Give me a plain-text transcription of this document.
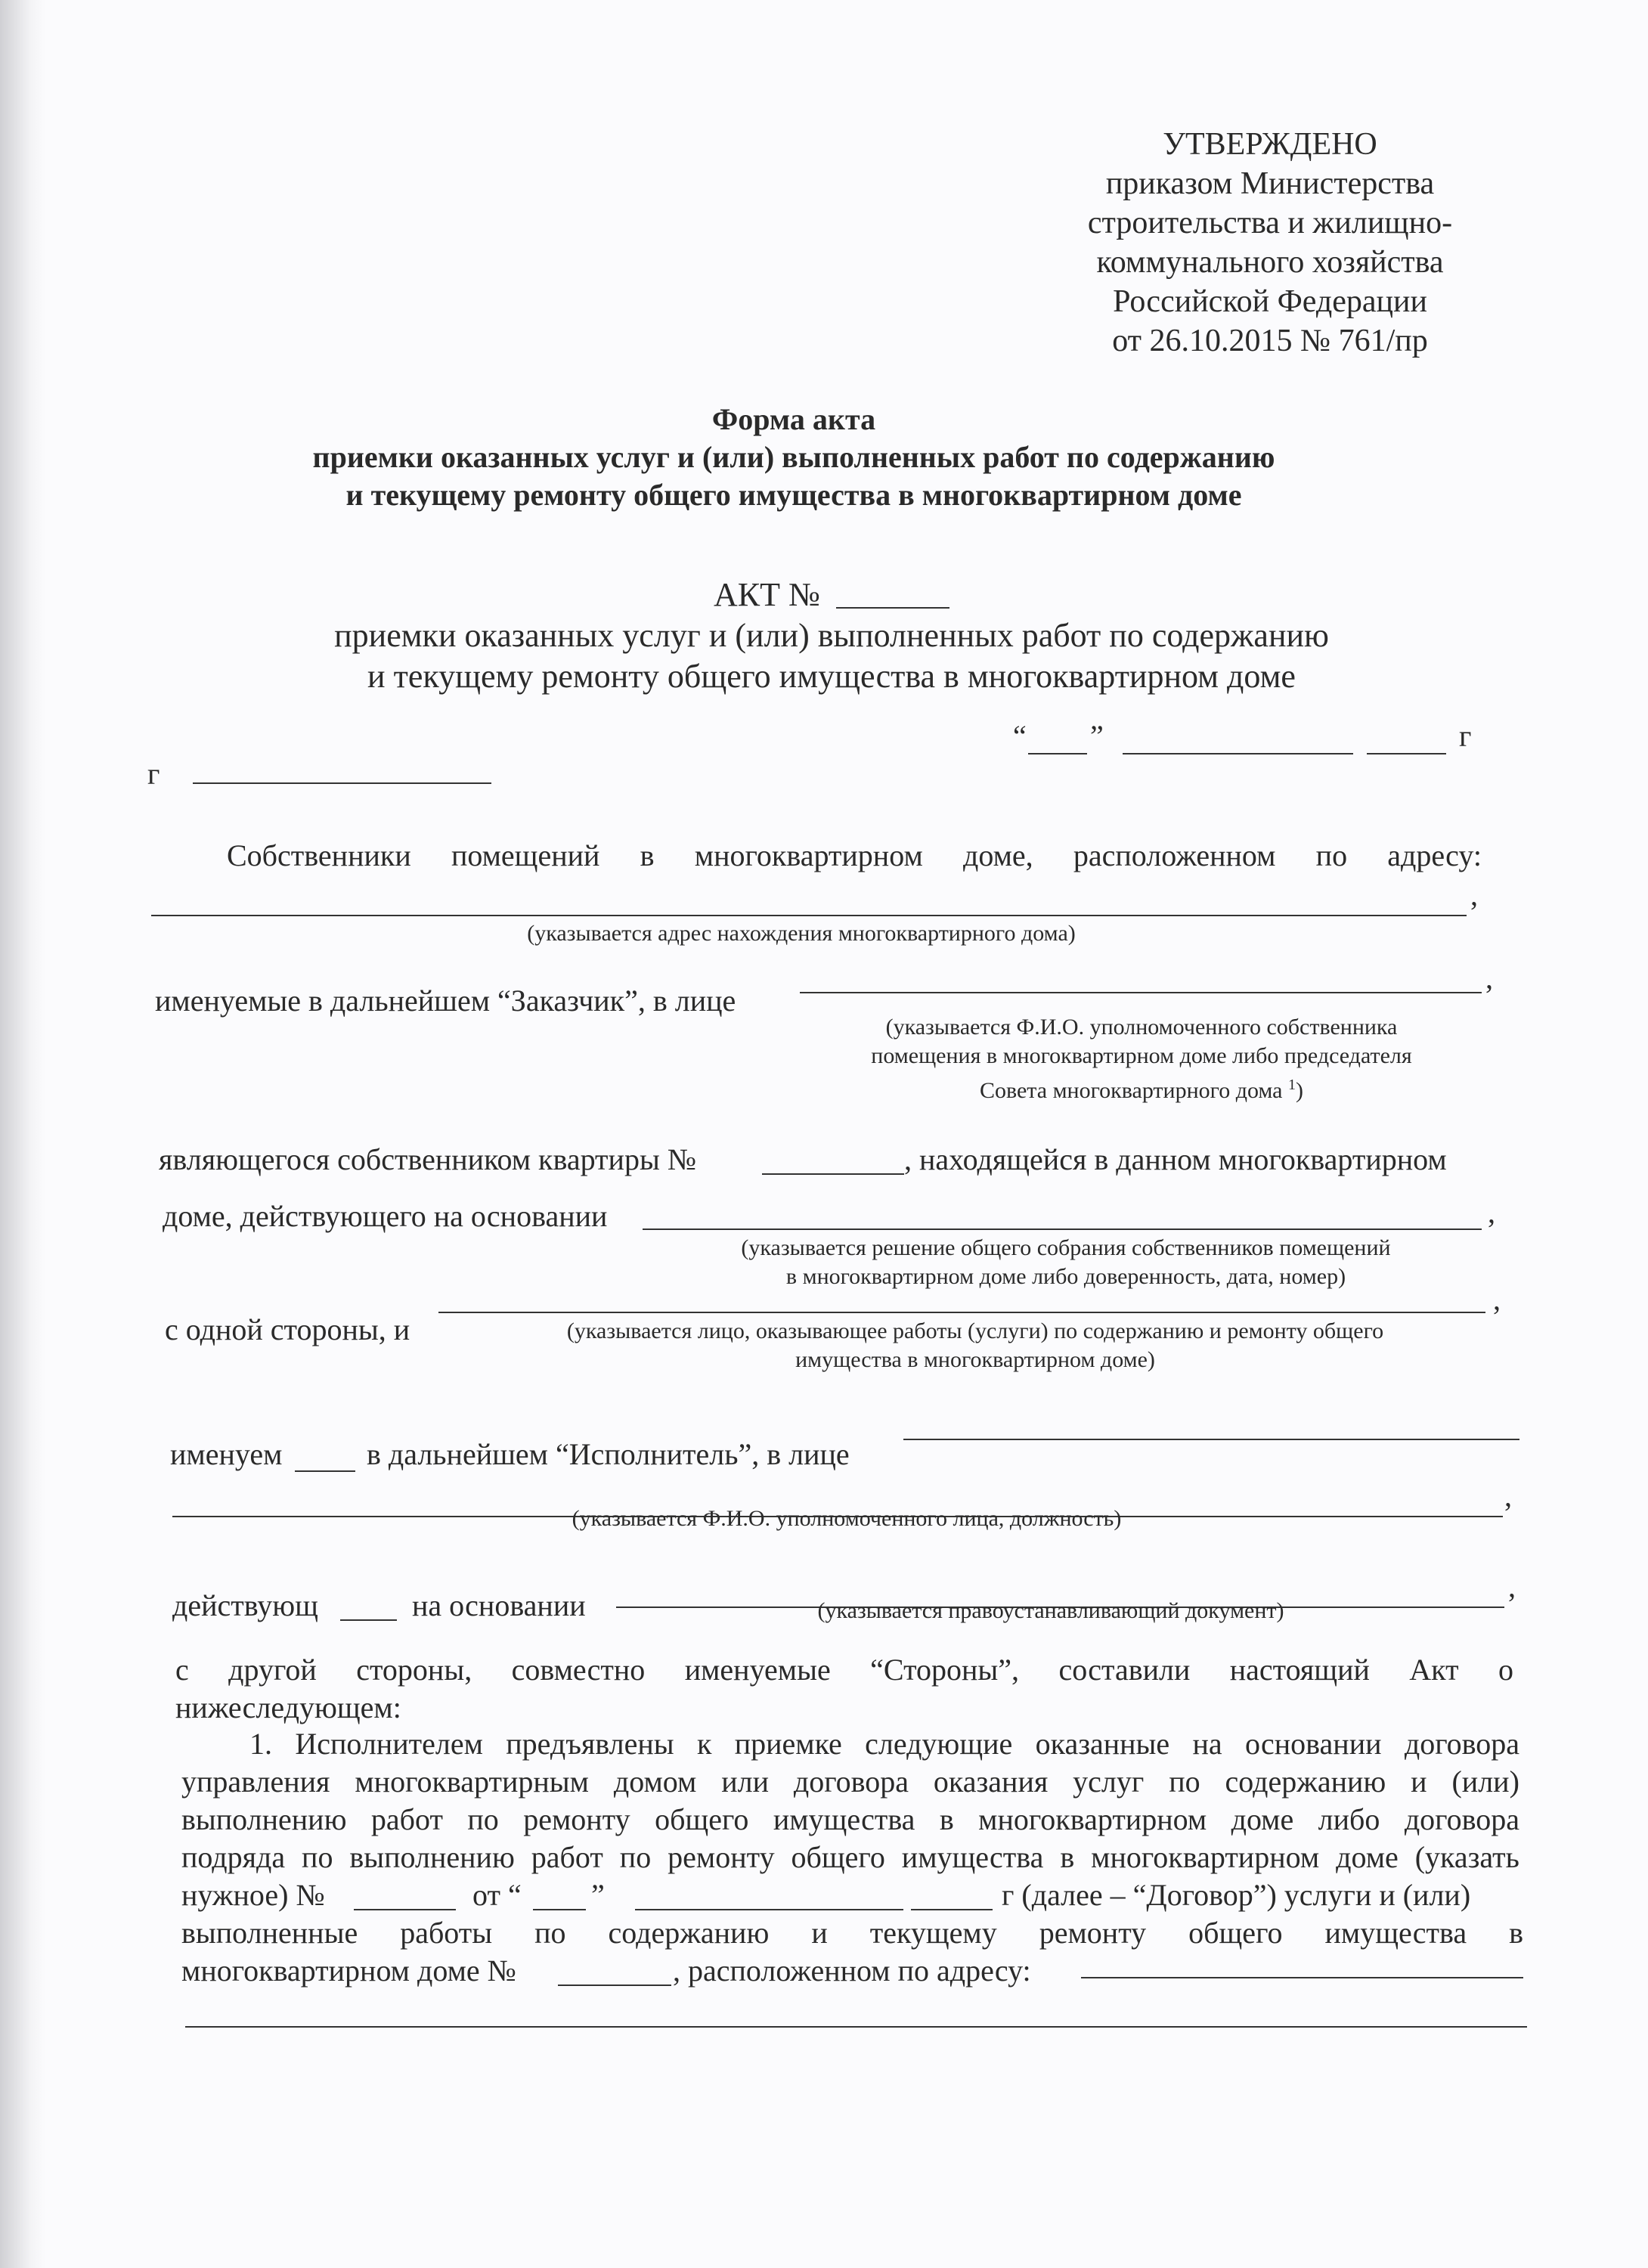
УТВЕРЖДЕНО
приказом Министерства
строительства и жилищно-
коммунального хозяйства
Российской Федерации
от 26.10.2015 № 761/пр
Форма акта
приемки оказанных услуг и (или) выполненных работ по содержанию
и текущему ремонту общего имущества в многоквартирном доме
АКТ №
приемки оказанных услуг и (или) выполненных работ по содержанию
и текущему ремонту общего имущества в многоквартирном доме
г
“ ”	г
Собственники помещений в многоквартирном доме, расположенном по адресу:
,
(указывается адрес нахождения многоквартирного дома)
именуемые в дальнейшем “Заказчик”, в лице
,
(указывается Ф.И.О. уполномоченного собственника
помещения в многоквартирном доме либо председателя
Совета многоквартирного дома $^1$)
являющегося собственником квартиры №	, находящейся в данном многоквартирном
доме, действующего на основании	,
(указывается решение общего собрания собственников помещений
в многоквартирном доме либо доверенность, дата, номер)
с одной стороны, и
,
(указывается лицо, оказывающее работы (услуги) по содержанию и ремонту общего
имущества в многоквартирном доме)
именуем	в дальнейшем “Исполнитель”, в лице
,
(указывается Ф.И.О. уполномоченного лица, должность)
действующ	на основании
,
(указывается правоустанавливающий документ)
с другой стороны, совместно именуемые “Стороны”, составили настоящий Акт о
нижеследующем:
1. Исполнителем предъявлены к приемке следующие оказанные на основании договора
управления многоквартирным домом или договора оказания услуг по содержанию и (или)
выполнению работ по ремонту общего имущества в многоквартирном доме либо договора
подряда по выполнению работ по ремонту общего имущества в многоквартирном доме (указать
нужное) №	от “ ”	г (далее – “Договор”) услуги и (или)
выполненные работы по содержанию и текущему ремонту общего имущества в
многоквартирном доме №	, расположенном по адресу:
